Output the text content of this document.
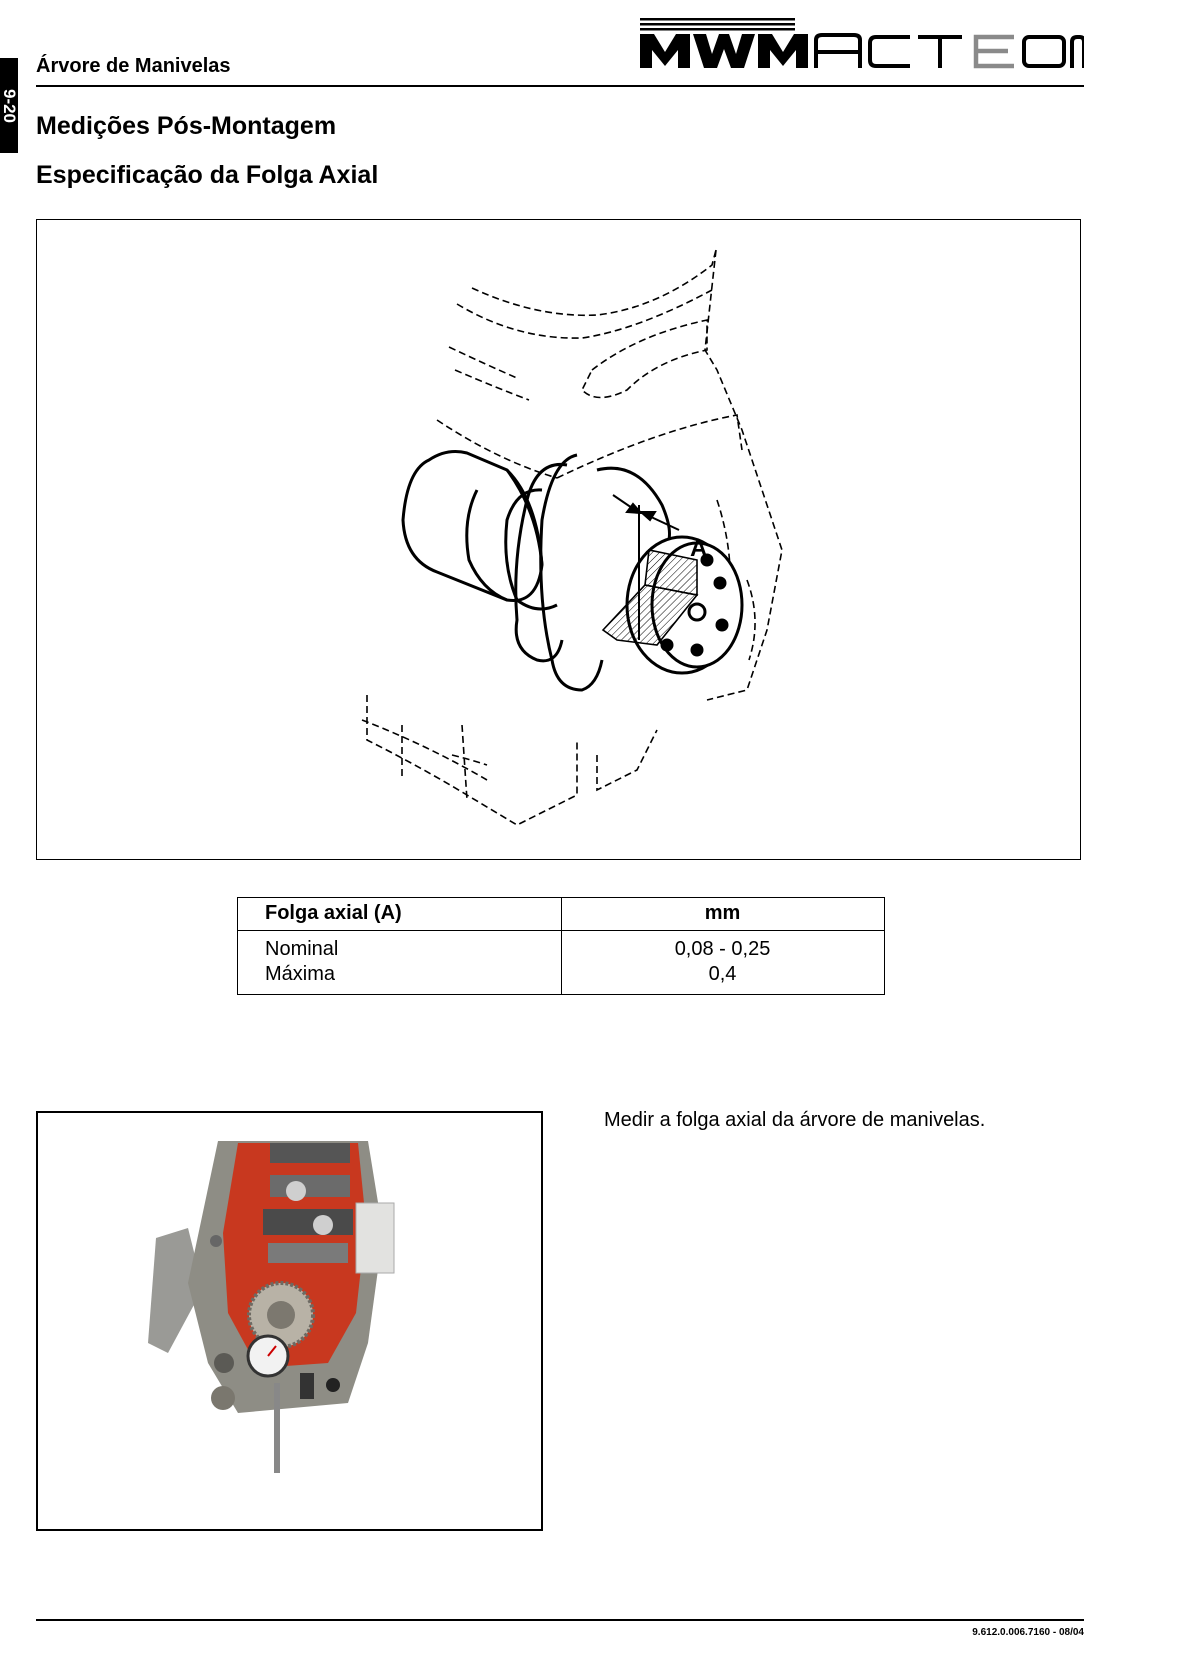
9-20
Árvore de Manivelas
Medições Pós-Montagem
Especificação da Folga Axial
A
Folga axial (A)	mm
Nominal
Máxima
0,08 - 0,25
0,4
Medir a folga axial da árvore de manivelas.
9.612.0.006.7160 - 08/04
